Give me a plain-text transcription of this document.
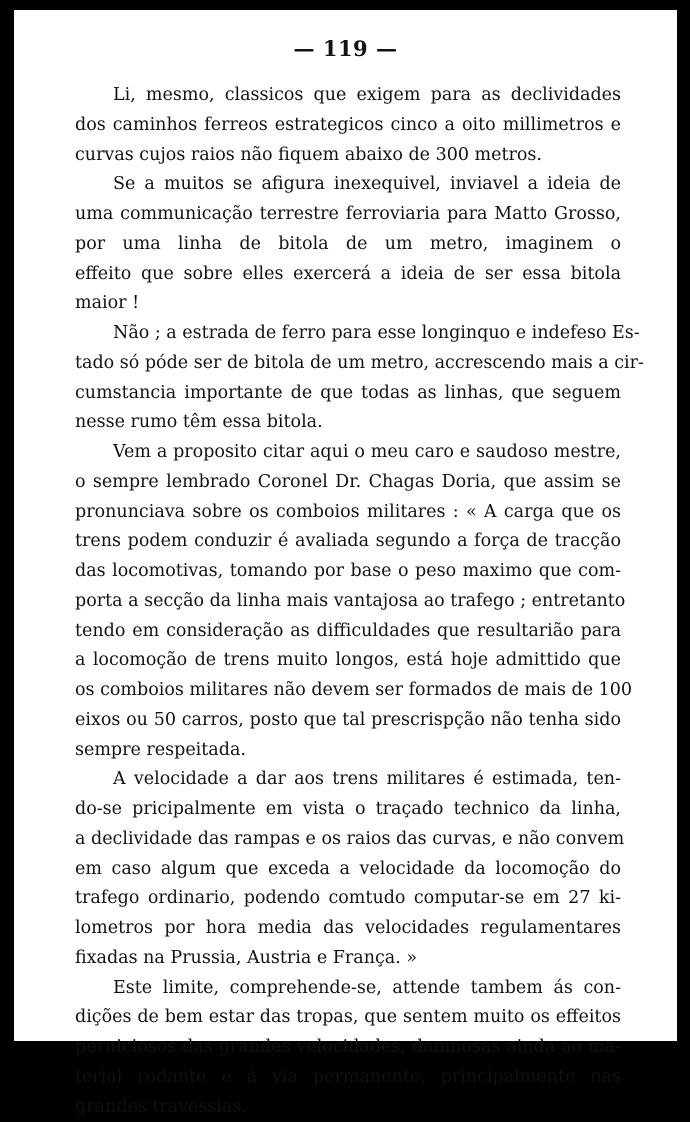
— 119 —
Li, mesmo, classicos que exigem para as declividades
dos caminhos ferreos estrategicos cinco a oito millimetros e
curvas cujos raios não fiquem abaixo de 300 metros.
Se a muitos se afigura inexequivel, inviavel a ideia de
uma communicação terrestre ferroviaria para Matto Grosso,
por uma linha de bitola de um metro, imaginem o
effeito que sobre elles exercerá a ideia de ser essa bitola
maior !
Não ; a estrada de ferro para esse longinquo e indefeso Es-
tado só póde ser de bitola de um metro, accrescendo mais a cir-
cumstancia importante de que todas as linhas, que seguem
nesse rumo têm essa bitola.
Vem a proposito citar aqui o meu caro e saudoso mestre,
o sempre lembrado Coronel Dr. Chagas Doria, que assim se
pronunciava sobre os comboios militares : « A carga que os
trens podem conduzir é avaliada segundo a força de tracção
das locomotivas, tomando por base o peso maximo que com-
porta a secção da linha mais vantajosa ao trafego ; entretanto
tendo em consideração as difficuldades que resultarião para
a locomoção de trens muito longos, está hoje admittido que
os comboios militares não devem ser formados de mais de 100
eixos ou 50 carros, posto que tal prescrispção não tenha sido
sempre respeitada.
A velocidade a dar aos trens militares é estimada, ten-
do-se pricipalmente em vista o traçado technico da linha,
a declividade das rampas e os raios das curvas, e não convem
em caso algum que exceda a velocidade da locomoção do
trafego ordinario, podendo comtudo computar-se em 27 ki-
lometros por hora media das velocidades regulamentares
fixadas na Prussia, Austria e França. »
Este limite, comprehende-se, attende tambem ás con-
dições de bem estar das tropas, que sentem muito os effeitos
perniciosos das grandes velocidades, damnosas ainda ao ma-
terial rodante e á via permanente, principalmente nas
grandes travessias.
